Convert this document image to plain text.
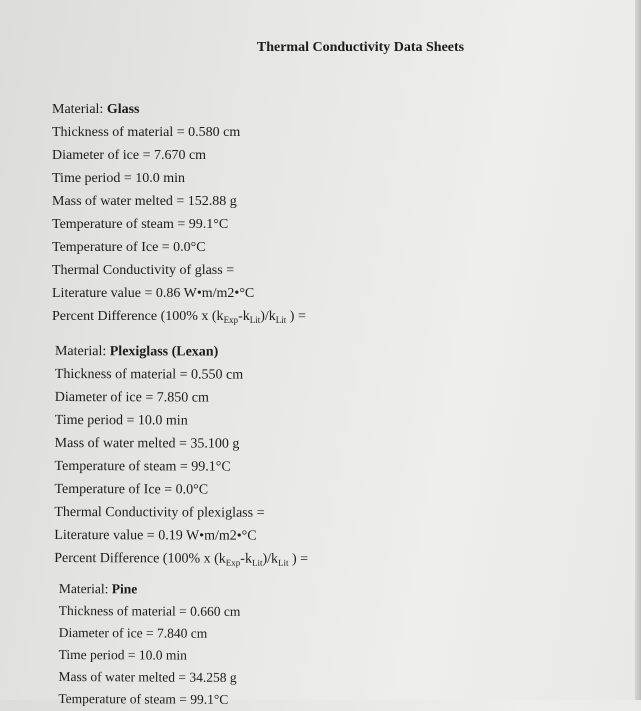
Thermal Conductivity Data Sheets
Material: Glass
Thickness of material = 0.580 cm
Diameter of ice = 7.670 cm
Time period = 10.0 min
Mass of water melted = 152.88 g
Temperature of steam = 99.1°C
Temperature of Ice = 0.0°C
Thermal Conductivity of glass =
Literature value = 0.86 W•m/m2•°C
Percent Difference (100% x $(k_{Exp}-k_{Lit})/k_{Lit}$ ) =
Material: Plexiglass (Lexan)
Thickness of material = 0.550 cm
Diameter of ice = 7.850 cm
Time period = 10.0 min
Mass of water melted = 35.100 g
Temperature of steam = 99.1°C
Temperature of Ice = 0.0°C
Thermal Conductivity of plexiglass =
Literature value = 0.19 W•m/m2•°C
Percent Difference (100% x $(k_{Exp}-k_{Lit})/k_{Lit}$ ) =
Material: Pine
Thickness of material = 0.660 cm
Diameter of ice = 7.840 cm
Time period = 10.0 min
Mass of water melted = 34.258 g
Temperature of steam = 99.1°C
